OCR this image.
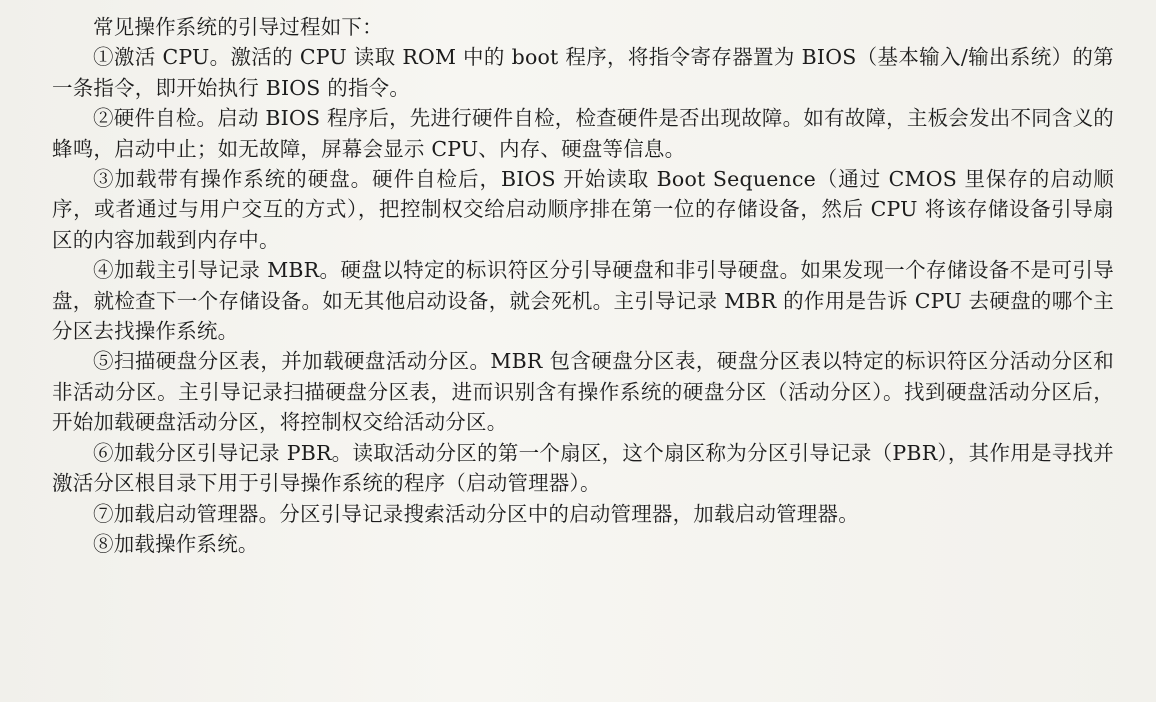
常见操作系统的引导过程如下：

①激活 CPU。激活的 CPU 读取 ROM 中的 boot 程序，将指令寄存器置为 BIOS（基本输入/输出系统）的第一条指令，即开始执行 BIOS 的指令。

②硬件自检。启动 BIOS 程序后，先进行硬件自检，检查硬件是否出现故障。如有故障，主板会发出不同含义的蜂鸣，启动中止；如无故障，屏幕会显示 CPU、内存、硬盘等信息。

③加载带有操作系统的硬盘。硬件自检后，BIOS 开始读取 Boot Sequence（通过 CMOS 里保存的启动顺序，或者通过与用户交互的方式），把控制权交给启动顺序排在第一位的存储设备，然后 CPU 将该存储设备引导扇区的内容加载到内存中。

④加载主引导记录 MBR。硬盘以特定的标识符区分引导硬盘和非引导硬盘。如果发现一个存储设备不是可引导盘，就检查下一个存储设备。如无其他启动设备，就会死机。主引导记录 MBR 的作用是告诉 CPU 去硬盘的哪个主分区去找操作系统。

⑤扫描硬盘分区表，并加载硬盘活动分区。MBR 包含硬盘分区表，硬盘分区表以特定的标识符区分活动分区和非活动分区。主引导记录扫描硬盘分区表，进而识别含有操作系统的硬盘分区（活动分区）。找到硬盘活动分区后，开始加载硬盘活动分区，将控制权交给活动分区。

⑥加载分区引导记录 PBR。读取活动分区的第一个扇区，这个扇区称为分区引导记录（PBR），其作用是寻找并激活分区根目录下用于引导操作系统的程序（启动管理器）。

⑦加载启动管理器。分区引导记录搜索活动分区中的启动管理器，加载启动管理器。

⑧加载操作系统。
